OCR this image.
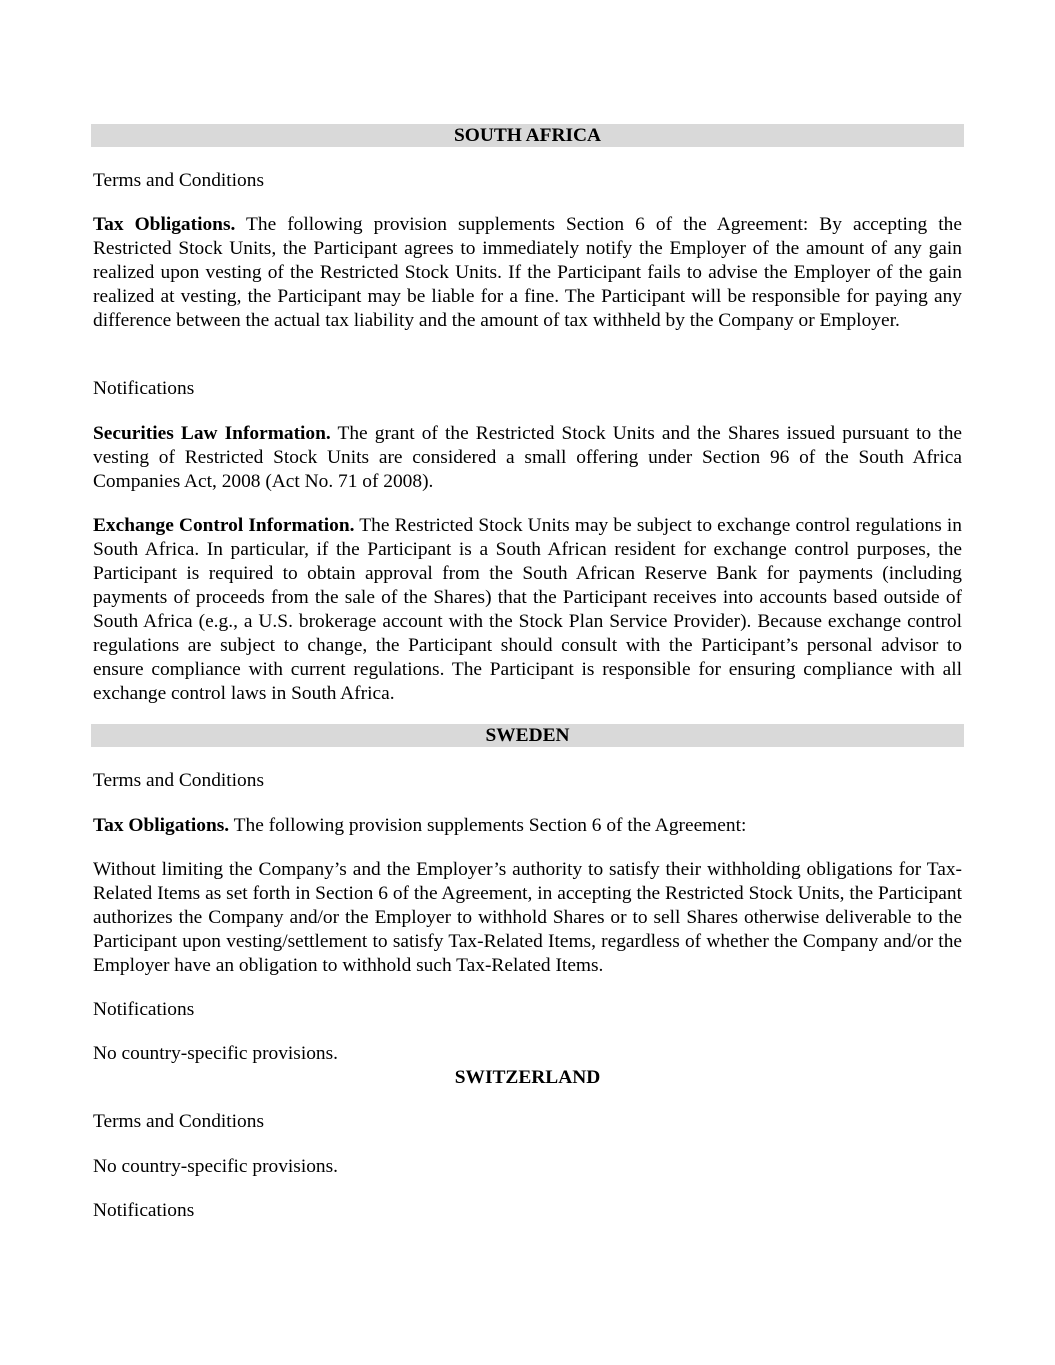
SOUTH AFRICA

Terms and Conditions

Tax Obligations. The following provision supplements Section 6 of the Agreement: By accepting the Restricted Stock Units, the Participant agrees to immediately notify the Employer of the amount of any gain realized upon vesting of the Restricted Stock Units. If the Participant fails to advise the Employer of the gain realized at vesting, the Participant may be liable for a fine. The Participant will be responsible for paying any difference between the actual tax liability and the amount of tax withheld by the Company or Employer.

Notifications

Securities Law Information. The grant of the Restricted Stock Units and the Shares issued pursuant to the vesting of Restricted Stock Units are considered a small offering under Section 96 of the South Africa Companies Act, 2008 (Act No. 71 of 2008).

Exchange Control Information. The Restricted Stock Units may be subject to exchange control regulations in South Africa. In particular, if the Participant is a South African resident for exchange control purposes, the Participant is required to obtain approval from the South African Reserve Bank for payments (including payments of proceeds from the sale of the Shares) that the Participant receives into accounts based outside of South Africa (e.g., a U.S. brokerage account with the Stock Plan Service Provider). Because exchange control regulations are subject to change, the Participant should consult with the Participant’s personal advisor to ensure compliance with current regulations. The Participant is responsible for ensuring compliance with all exchange control laws in South Africa.

SWEDEN

Terms and Conditions

Tax Obligations. The following provision supplements Section 6 of the Agreement:

Without limiting the Company’s and the Employer’s authority to satisfy their withholding obligations for Tax-Related Items as set forth in Section 6 of the Agreement, in accepting the Restricted Stock Units, the Participant authorizes the Company and/or the Employer to withhold Shares or to sell Shares otherwise deliverable to the Participant upon vesting/settlement to satisfy Tax-Related Items, regardless of whether the Company and/or the Employer have an obligation to withhold such Tax-Related Items.

Notifications

No country-specific provisions.

SWITZERLAND

Terms and Conditions

No country-specific provisions.

Notifications
